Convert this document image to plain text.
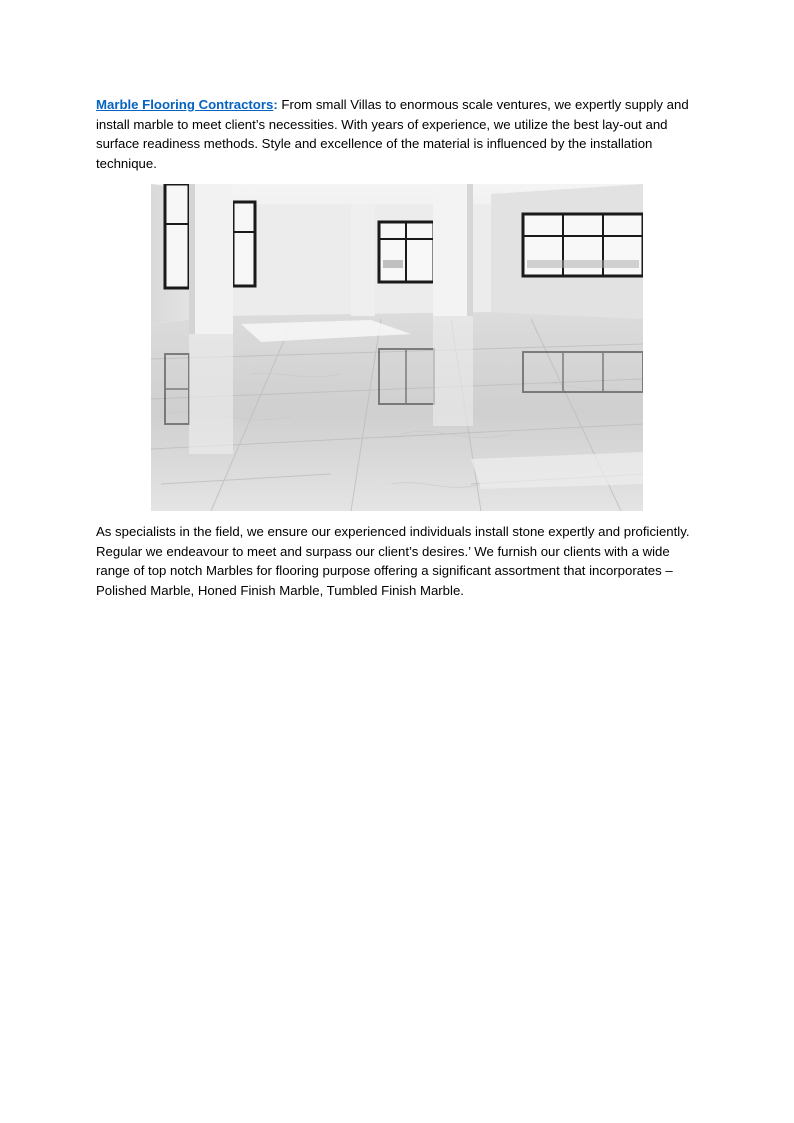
Marble Flooring Contractors: From small Villas to enormous scale ventures, we expertly supply and install marble to meet client’s necessities. With years of experience, we utilize the best lay-out and surface readiness methods. Style and excellence of the material is influenced by the installation technique.

As specialists in the field, we ensure our experienced individuals install stone expertly and proficiently. Regular we endeavour to meet and surpass our client’s desires.’ We furnish our clients with a wide range of top notch Marbles for flooring purpose offering a significant assortment that incorporates – Polished Marble, Honed Finish Marble, Tumbled Finish Marble.
